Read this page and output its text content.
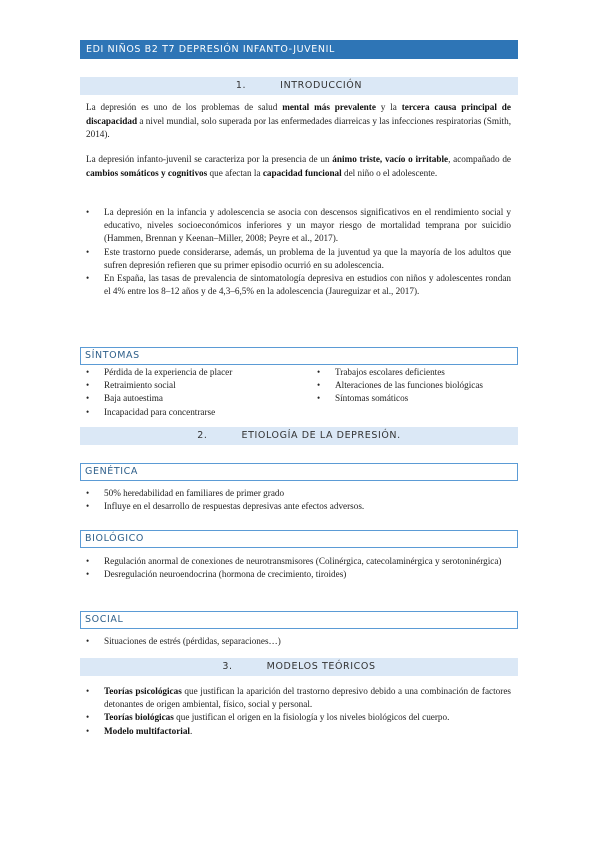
EDI NIÑOS B2 T7 DEPRESIÓN INFANTO-JUVENIL
1.	INTRODUCCIÓN

La depresión es uno de los problemas de salud mental más prevalente y la tercera causa principal de discapacidad a nivel mundial, solo superada por las enfermedades diarreicas y las infecciones respiratorias (Smith, 2014).

La depresión infanto-juvenil se caracteriza por la presencia de un ánimo triste, vacío o irritable, acompañado de cambios somáticos y cognitivos que afectan la capacidad funcional del niño o el adolescente.

• La depresión en la infancia y adolescencia se asocia con descensos significativos en el rendimiento social y educativo, niveles socioeconómicos inferiores y un mayor riesgo de mortalidad temprana por suicidio (Hammen, Brennan y Keenan–Miller, 2008; Peyre et al., 2017).
• Este trastorno puede considerarse, además, un problema de la juventud ya que la mayoría de los adultos que sufren depresión refieren que su primer episodio ocurrió en su adolescencia.
• En España, las tasas de prevalencia de sintomatología depresiva en estudios con niños y adolescentes rondan el 4% entre los 8–12 años y de 4,3–6,5% en la adolescencia (Jaureguizar et al., 2017).
SÍNTOMAS
• Pérdida de la experiencia de placer
• Retraimiento social
• Baja autoestima
• Incapacidad para concentrarse
• Trabajos escolares deficientes
• Alteraciones de las funciones biológicas
• Síntomas somáticos
2.	ETIOLOGÍA DE LA DEPRESIÓN.
GENÉTICA
• 50% heredabilidad en familiares de primer grado
• Influye en el desarrollo de respuestas depresivas ante efectos adversos.
BIOLÓGICO
• Regulación anormal de conexiones de neurotransmisores (Colinérgica, catecolaminérgica y serotoninérgica)
• Desregulación neuroendocrina (hormona de crecimiento, tiroides)
SOCIAL
• Situaciones de estrés (pérdidas, separaciones…)
3.	MODELOS TEÓRICOS
• Teorías psicológicas que justifican la aparición del trastorno depresivo debido a una combinación de factores detonantes de origen ambiental, físico, social y personal.
• Teorías biológicas que justifican el origen en la fisiología y los niveles biológicos del cuerpo.
• Modelo multifactorial.
